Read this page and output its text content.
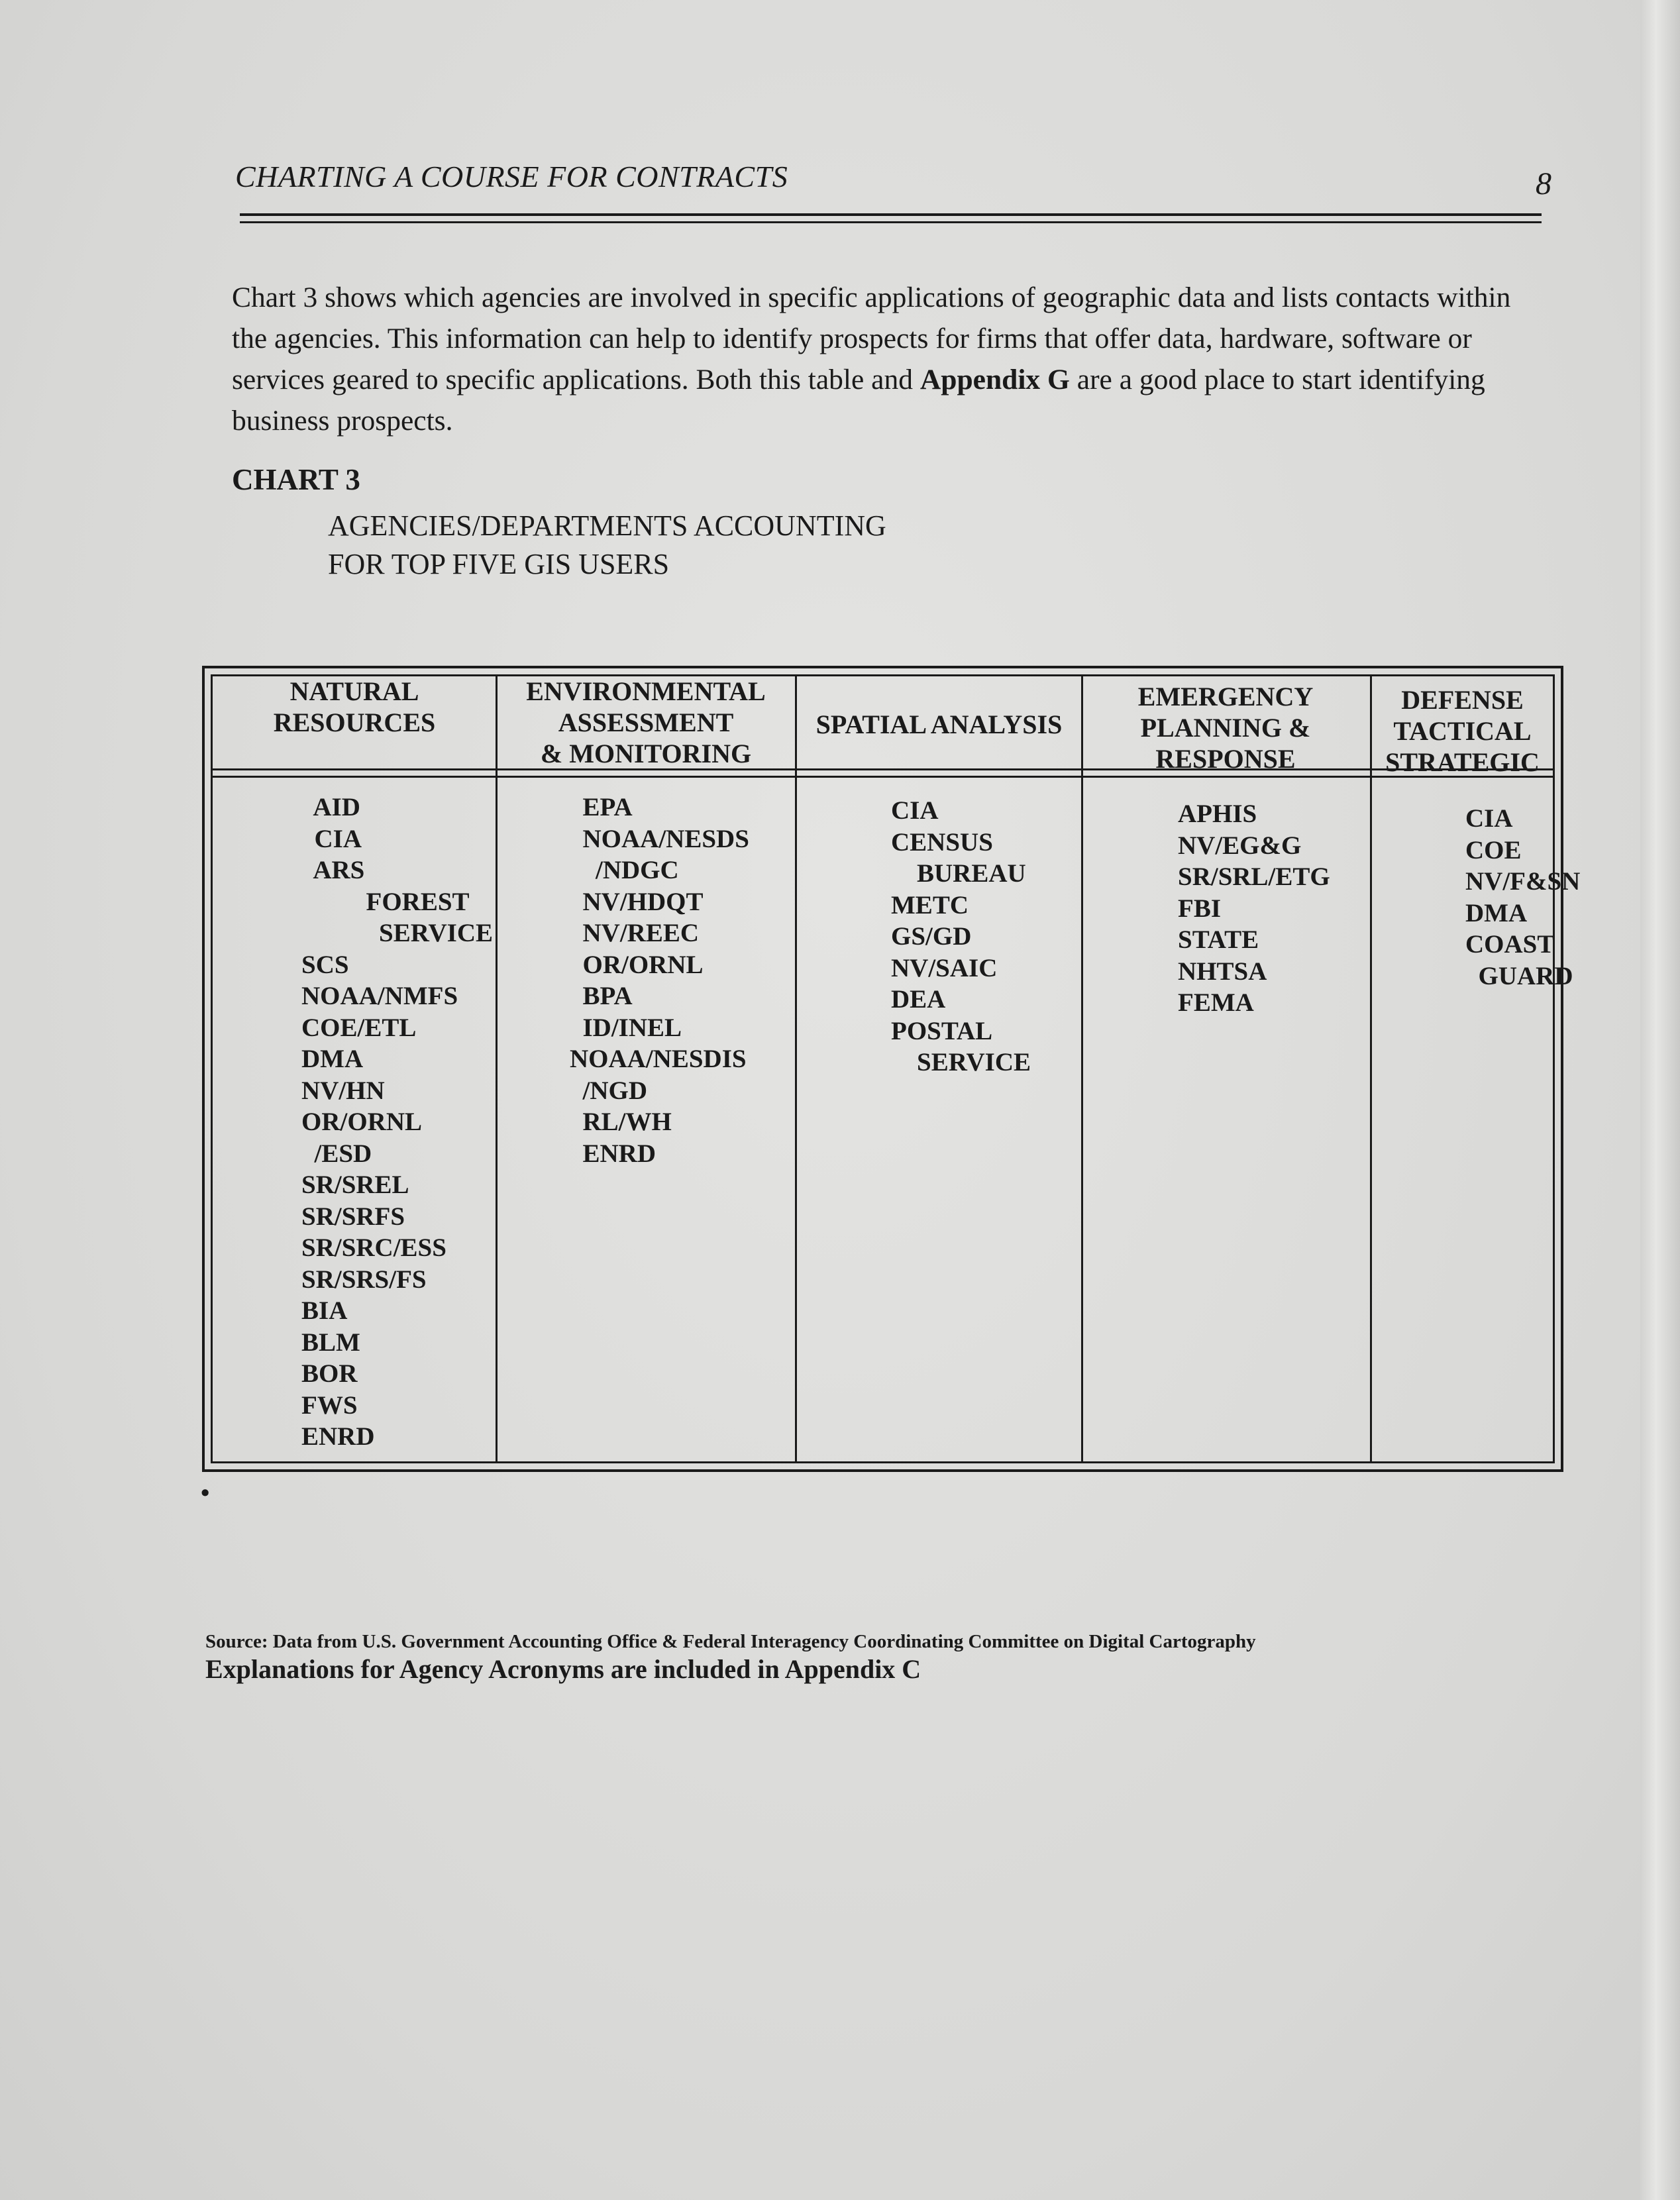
CHARTING A COURSE FOR CONTRACTS	8
Chart 3 shows which agencies are involved in specific applications of geographic data and lists contacts within the agencies. This information can help to identify prospects for firms that offer data, hardware, software or services geared to specific applications. Both this table and Appendix G are a good place to start identifying business prospects.
CHART 3
AGENCIES/DEPARTMENTS ACCOUNTING
FOR TOP FIVE GIS USERS
NATURAL
RESOURCES
ENVIRONMENTAL
ASSESSMENT
& MONITORING
SPATIAL ANALYSIS
EMERGENCY
PLANNING &
RESPONSE
DEFENSE
TACTICAL
STRATEGIC
AID
CIA
ARS
FOREST
SERVICE
SCS
NOAA/NMFS
COE/ETL
DMA
NV/HN
OR/ORNL
/ESD
SR/SREL
SR/SRFS
SR/SRC/ESS
SR/SRS/FS
BIA
BLM
BOR
FWS
ENRD
EPA
NOAA/NESDS
/NDGC
NV/HDQT
NV/REEC
OR/ORNL
BPA
ID/INEL
NOAA/NESDIS
/NGD
RL/WH
ENRD
CIA
CENSUS
BUREAU
METC
GS/GD
NV/SAIC
DEA
POSTAL
SERVICE
APHIS
NV/EG&G
SR/SRL/ETG
FBI
STATE
NHTSA
FEMA
CIA
COE
NV/F&SN
DMA
COAST
GUARD
•
Source: Data from U.S. Government Accounting Office & Federal Interagency Coordinating Committee on Digital Cartography
Explanations for Agency Acronyms are included in Appendix C
